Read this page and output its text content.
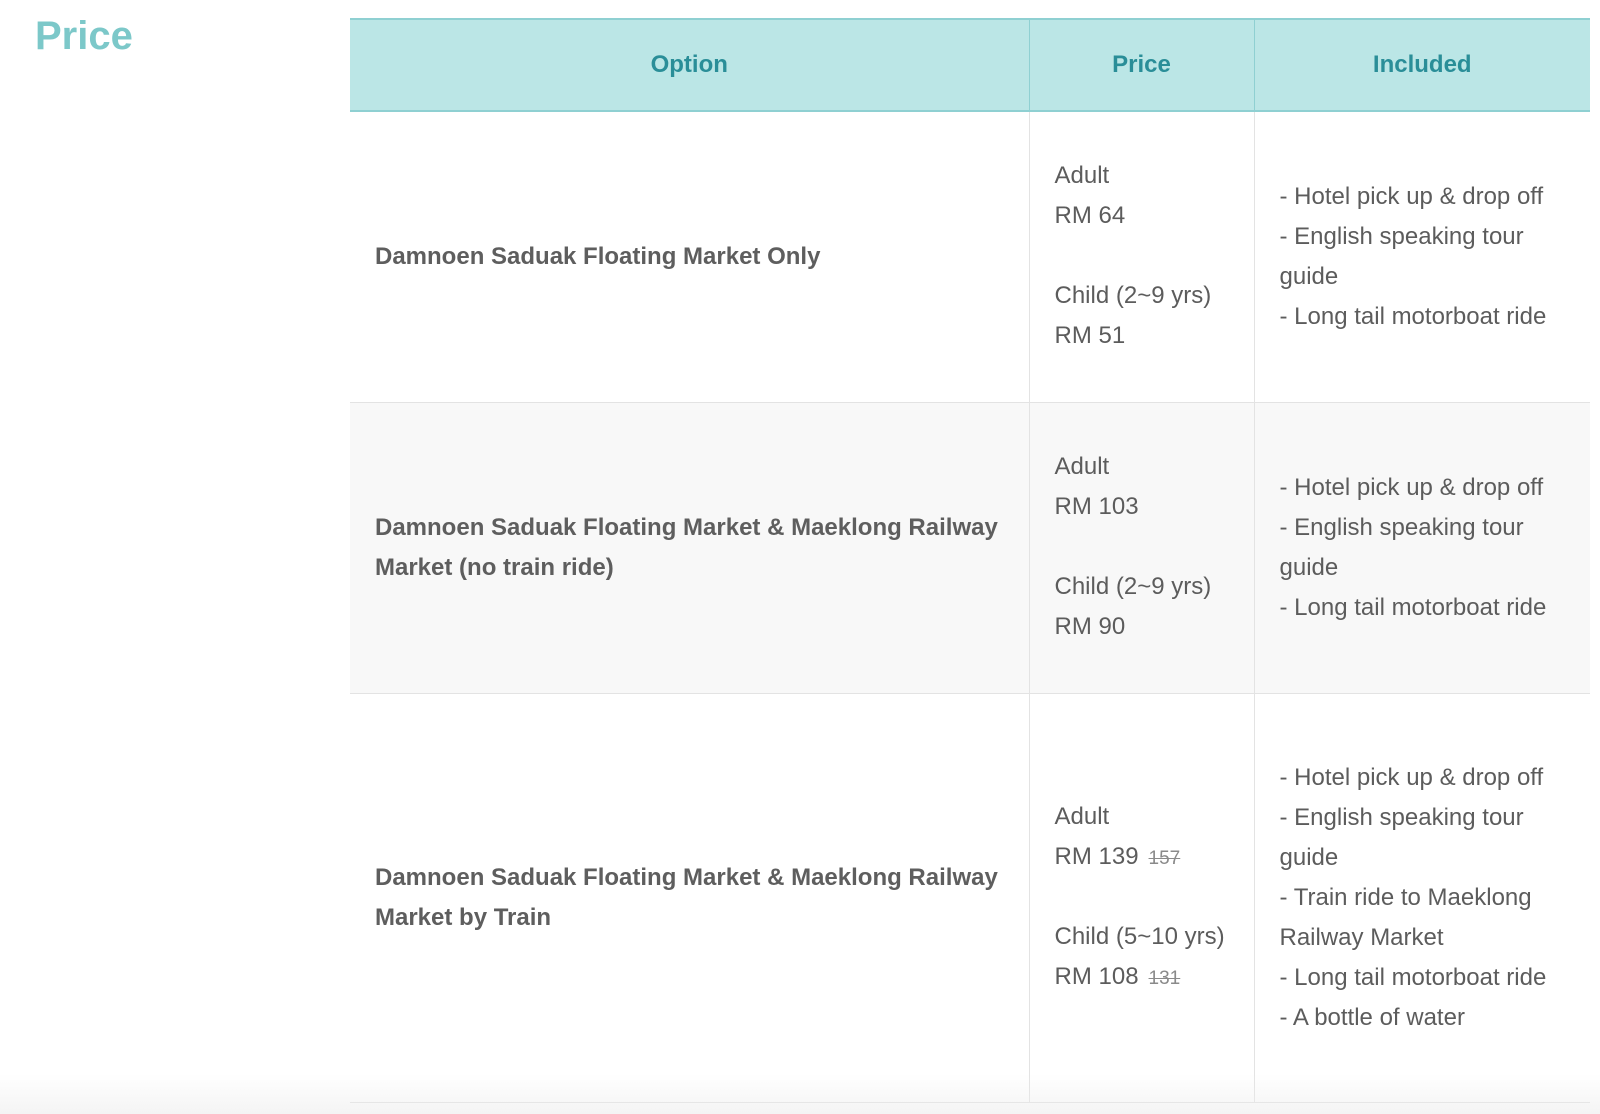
Price
Option	Price	Included
Damnoen Saduak Floating Market Only	Adult
RM 64
Child (2~9 yrs)
RM 51	- Hotel pick up & drop off
- English speaking tour guide
- Long tail motorboat ride

Damnoen Saduak Floating Market & Maeklong Railway Market (no train ride)	Adult
RM 103
Child (2~9 yrs)
RM 90	- Hotel pick up & drop off
- English speaking tour guide
- Long tail motorboat ride

Damnoen Saduak Floating Market & Maeklong Railway Market by Train	Adult
RM 139 157
Child (5~10 yrs)
RM 108 131	- Hotel pick up & drop off
- English speaking tour guide
- Train ride to Maeklong Railway Market
- Long tail motorboat ride
- A bottle of water
